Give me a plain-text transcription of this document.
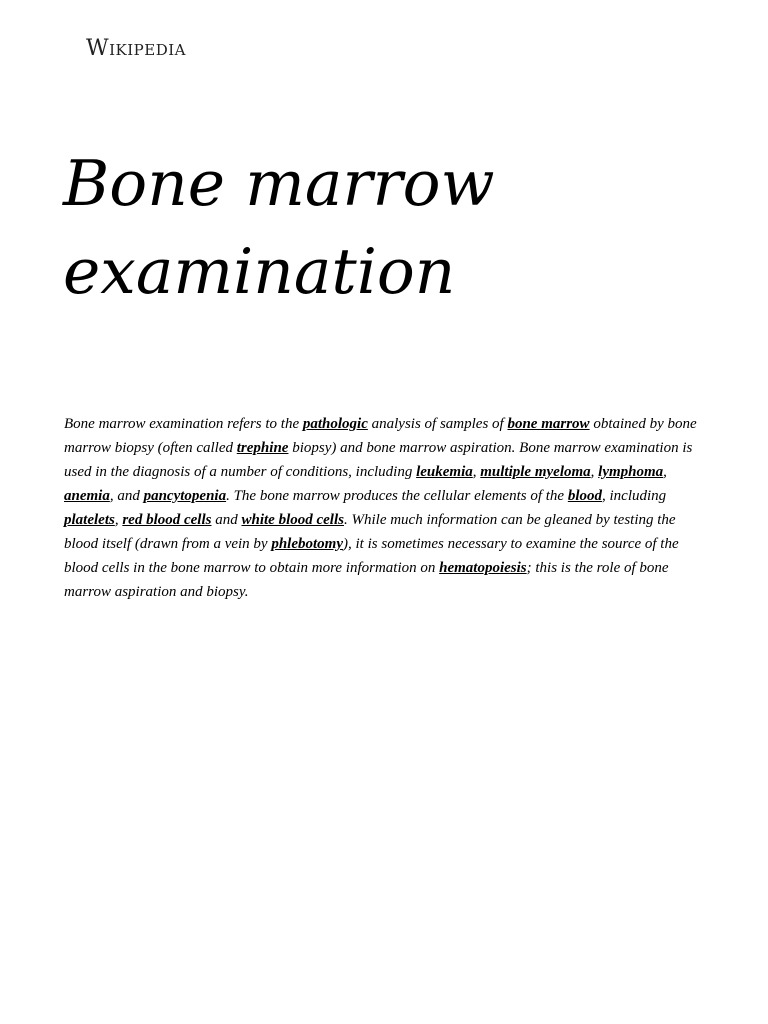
Wikipedia
Bone marrow examination

Bone marrow examination refers to the pathologic analysis of samples of bone marrow obtained by bone marrow biopsy (often called trephine biopsy) and bone marrow aspiration. Bone marrow examination is used in the diagnosis of a number of conditions, including leukemia, multiple myeloma, lymphoma, anemia, and pancytopenia. The bone marrow produces the cellular elements of the blood, including platelets, red blood cells and white blood cells. While much information can be gleaned by testing the blood itself (drawn from a vein by phlebotomy), it is sometimes necessary to examine the source of the blood cells in the bone marrow to obtain more information on hematopoiesis; this is the role of bone marrow aspiration and biopsy.
